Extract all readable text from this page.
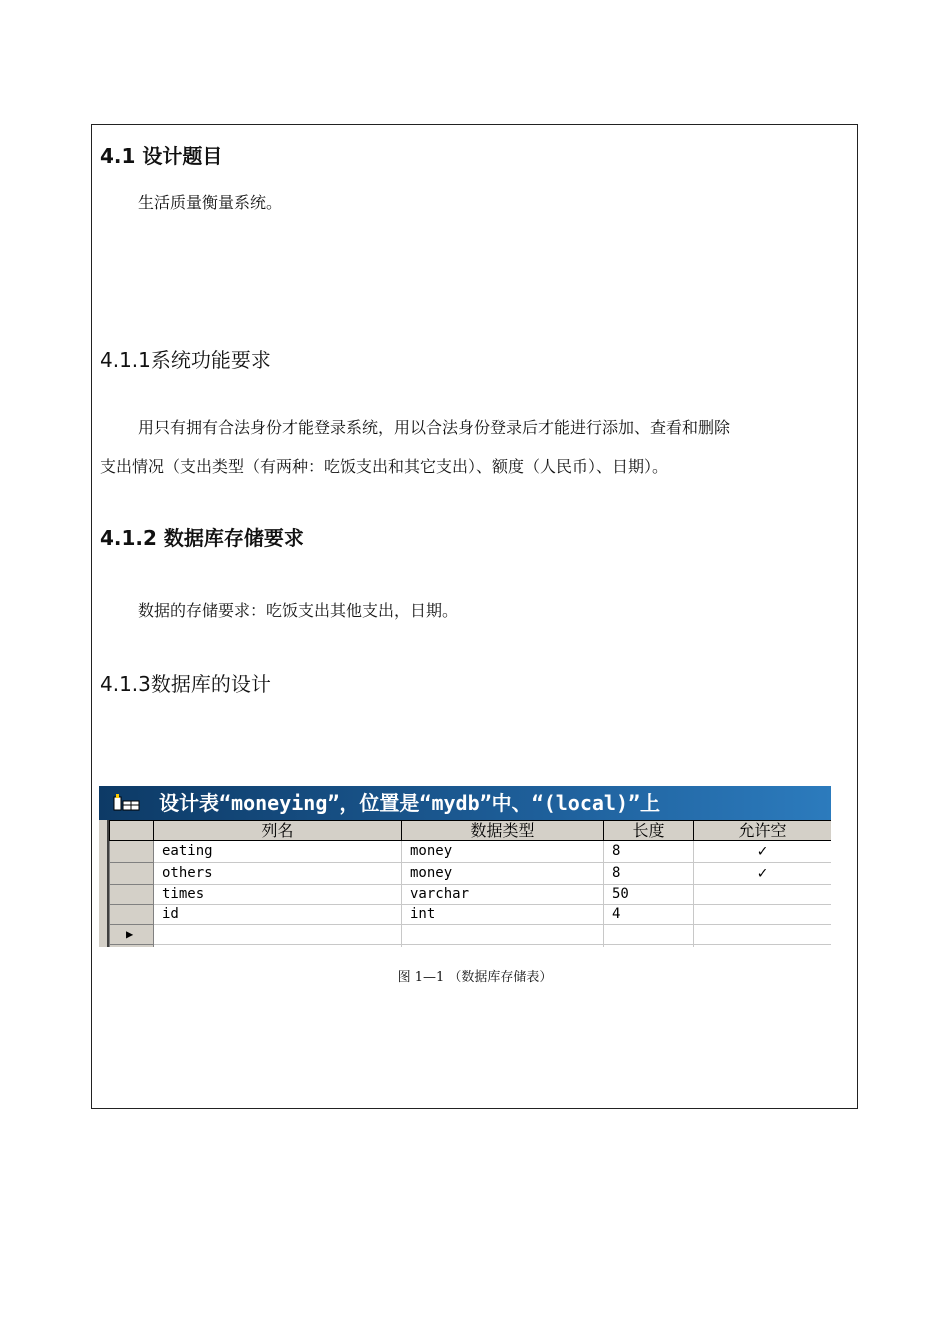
4.1 设计题目
生活质量衡量系统。
4.1.1系统功能要求
用只有拥有合法身份才能登录系统，用以合法身份登录后才能进行添加、查看和删除
支出情况（支出类型（有两种：吃饭支出和其它支出）、额度（人民币）、日期）。
4.1.2 数据库存储要求
数据的存储要求：吃饭支出其他支出，日期。
4.1.3数据库的设计
设计表“moneying”，位置是“mydb”中、“(local)”上
	列名	数据类型	长度	允许空
	eating	money	8	✓
	others	money	8	✓
	times	varchar	50	
	id	int	4	
▶				

图 1—1 （数据库存储表）
